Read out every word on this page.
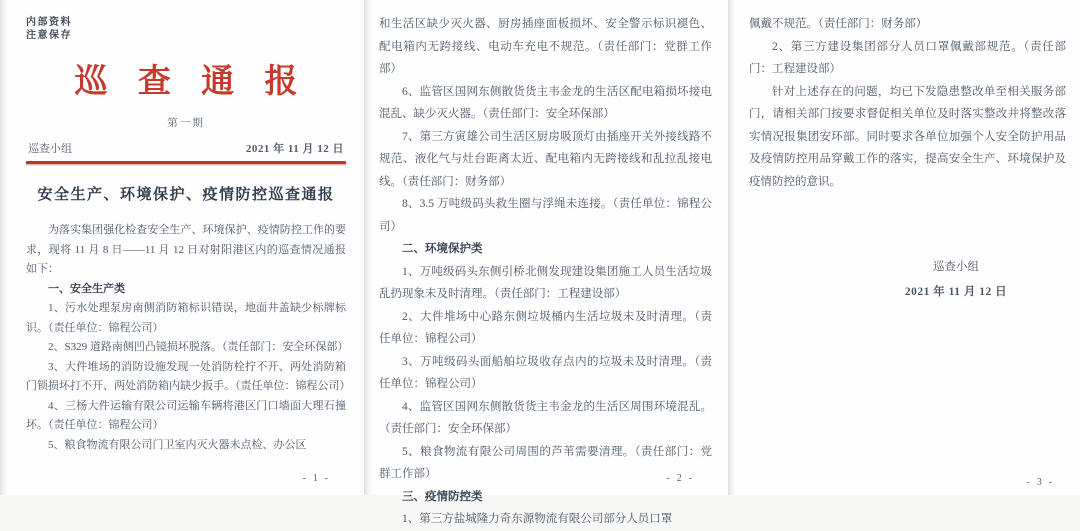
内部资料
注意保存
巡查通报
第一期
巡查小组	2021 年 11 月 12 日
安全生产、环境保护、疫情防控巡查通报

为落实集团强化检查安全生产、环境保护、疫情防控工作的要求，现将 11 月 8 日——11 月 12 日对射阳港区内的巡查情况通报如下：

一、安全生产类

1、污水处理泵房南侧消防箱标识错误，地面井盖缺少标牌标识。（责任单位：锦程公司）

2、S329 道路南侧凹凸镜损坏脱落。（责任部门：安全环保部）

3、大件堆场的消防设施发现一处消防栓拧不开、两处消防箱门锁损坏打不开、两处消防箱内缺少扳手。（责任单位：锦程公司）

4、三杨大件运输有限公司运输车辆将港区门口墙面大理石撞坏。（责任单位：锦程公司）

5、粮食物流有限公司门卫室内灭火器未点检、办公区

- 1 -

和生活区缺少灭火器、厨房插座面板损坏、安全警示标识褪色、配电箱内无跨接线、电动车充电不规范。（责任部门：党群工作部）

6、监管区国网东侧散货货主韦金龙的生活区配电箱损坏接电混乱、缺少灭火器。（责任部门：安全环保部）

7、第三方寅雄公司生活区厨房吸顶灯由插座开关外接线路不规范、液化气与灶台距离太近、配电箱内无跨接线和乱拉乱接电线。（责任部门：财务部）

8、3.5 万吨级码头救生圈与浮绳未连接。（责任单位：锦程公司）

二、环境保护类

1、万吨级码头东侧引桥北侧发现建设集团施工人员生活垃圾乱扔现象未及时清理。（责任部门：工程建设部）

2、大件堆场中心路东侧垃圾桶内生活垃圾未及时清理。（责任单位：锦程公司）

3、万吨级码头面船舶垃圾收存点内的垃圾未及时清理。（责任单位：锦程公司）

4、监管区国网东侧散货货主韦金龙的生活区周围环境混乱。（责任部门：安全环保部）

5、粮食物流有限公司周围的芦苇需要清理。（责任部门：党群工作部）

三、疫情防控类

1、第三方盐城隆力奇东源物流有限公司部分人员口罩

- 2 -

佩戴不规范。（责任部门：财务部）

2、第三方建设集团部分人员口罩佩戴部规范。（责任部门：工程建设部）

针对上述存在的问题，均已下发隐患整改单至相关服务部门，请相关部门按要求督促相关单位及时落实整改并将整改落实情况报集团安环部。同时要求各单位加强个人安全防护用品及疫情防控用品穿戴工作的落实，提高安全生产、环境保护及疫情防控的意识。

巡查小组
2021 年 11 月 12 日
- 3 -
